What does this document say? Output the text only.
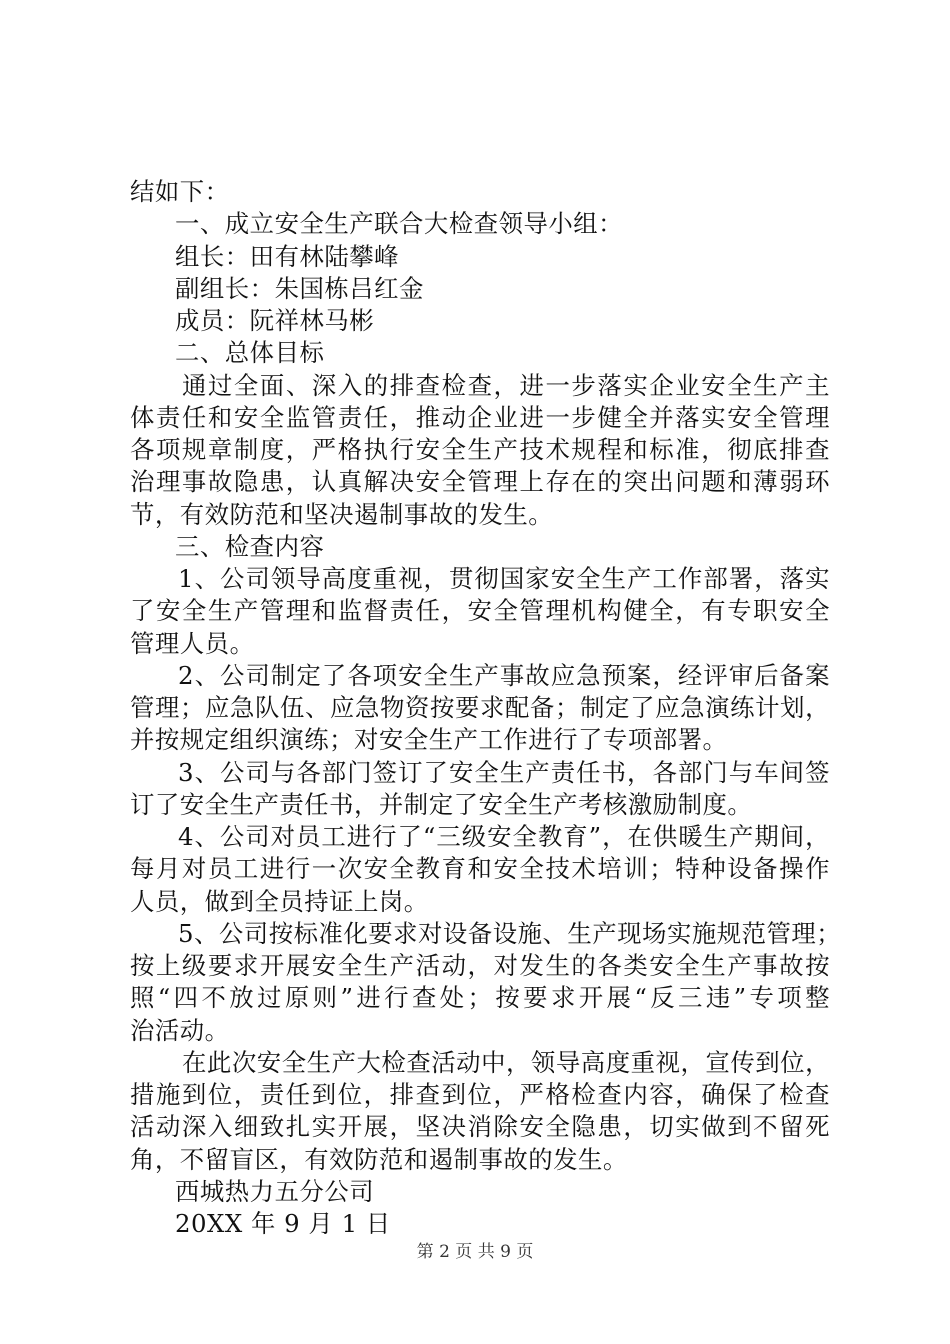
结如下：
一、成立安全生产联合大检查领导小组：
组长：田有林陆攀峰
副组长：朱国栋吕红金
成员：阮祥林马彬
二、总体目标
通过全面、深入的排查检查，进一步落实企业安全生产主
体责任和安全监管责任，推动企业进一步健全并落实安全管理
各项规章制度，严格执行安全生产技术规程和标准，彻底排查
治理事故隐患，认真解决安全管理上存在的突出问题和薄弱环
节，有效防范和坚决遏制事故的发生。
三、检查内容
1、公司领导高度重视，贯彻国家安全生产工作部署，落实
了安全生产管理和监督责任，安全管理机构健全，有专职安全
管理人员。
2、公司制定了各项安全生产事故应急预案，经评审后备案
管理；应急队伍、应急物资按要求配备；制定了应急演练计划，
并按规定组织演练；对安全生产工作进行了专项部署。
3、公司与各部门签订了安全生产责任书，各部门与车间签
订了安全生产责任书，并制定了安全生产考核激励制度。
4、公司对员工进行了“三级安全教育”，在供暖生产期间，
每月对员工进行一次安全教育和安全技术培训；特种设备操作
人员，做到全员持证上岗。
5、公司按标准化要求对设备设施、生产现场实施规范管理；
按上级要求开展安全生产活动，对发生的各类安全生产事故按
照“四不放过原则”进行查处；按要求开展“反三违”专项整
治活动。
在此次安全生产大检查活动中，领导高度重视，宣传到位，
措施到位，责任到位，排查到位，严格检查内容，确保了检查
活动深入细致扎实开展，坚决消除安全隐患，切实做到不留死
角，不留盲区，有效防范和遏制事故的发生。
西城热力五分公司
20XX 年 9 月 1 日
第 2 页 共 9 页
